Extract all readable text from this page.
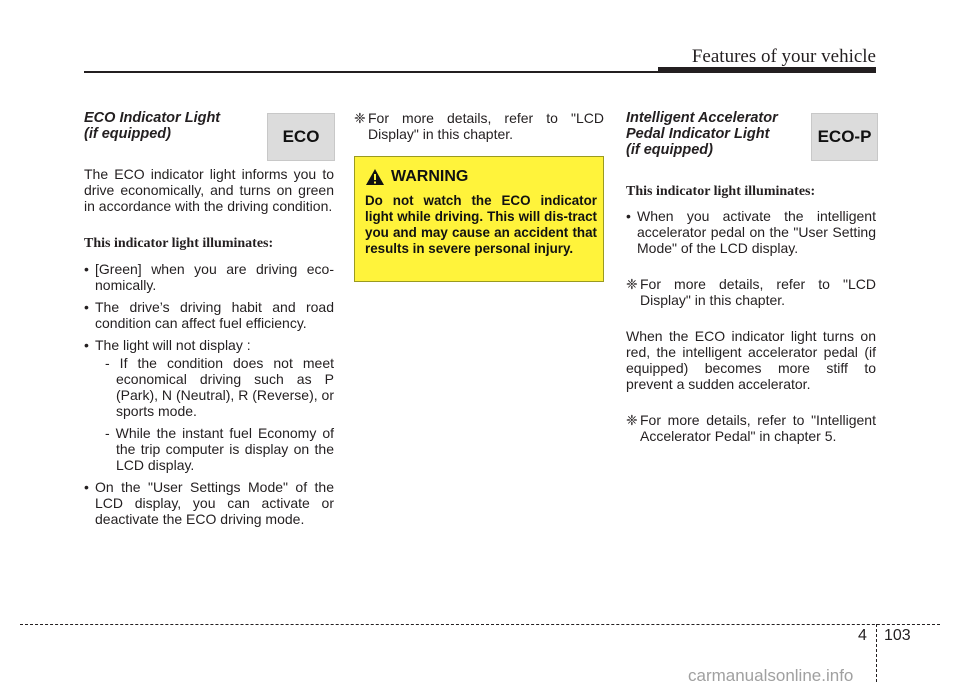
Features of your vehicle

ECO Indicator Light

(if equipped)

The ECO indicator light informs you to drive economically, and turns on green in accordance with the driving condition.

This indicator light illuminates:

• [Green] when you are driving eco-nomically.
• The drive’s driving habit and road condition can affect fuel efficiency.
• The light will not display :
- If the condition does not meet economical driving such as P (Park), N (Neutral), R (Reverse), or sports mode.
- While the instant fuel Economy of the trip computer is display on the LCD display.
• On the "User Settings Mode" of the LCD display, you can activate or deactivate the ECO driving mode.
ECO
❈ For more details, refer to "LCD Display" in this chapter.
WARNING
Do not watch the ECO indicator light while driving. This will dis-tract you and may cause an accident that results in severe personal injury.

Intelligent Accelerator

Pedal Indicator Light

(if equipped)

This indicator light illuminates:

• When you activate the intelligent accelerator pedal on the "User Setting Mode" of the LCD display.
❈ For more details, refer to "LCD Display" in this chapter.

When the ECO indicator light turns on red, the intelligent accelerator pedal (if equipped) becomes more stiff to prevent a sudden accelerator.

❈ For more details, refer to "Intelligent Accelerator Pedal" in chapter 5.
ECO-P
4 103
carmanualsonline.info
